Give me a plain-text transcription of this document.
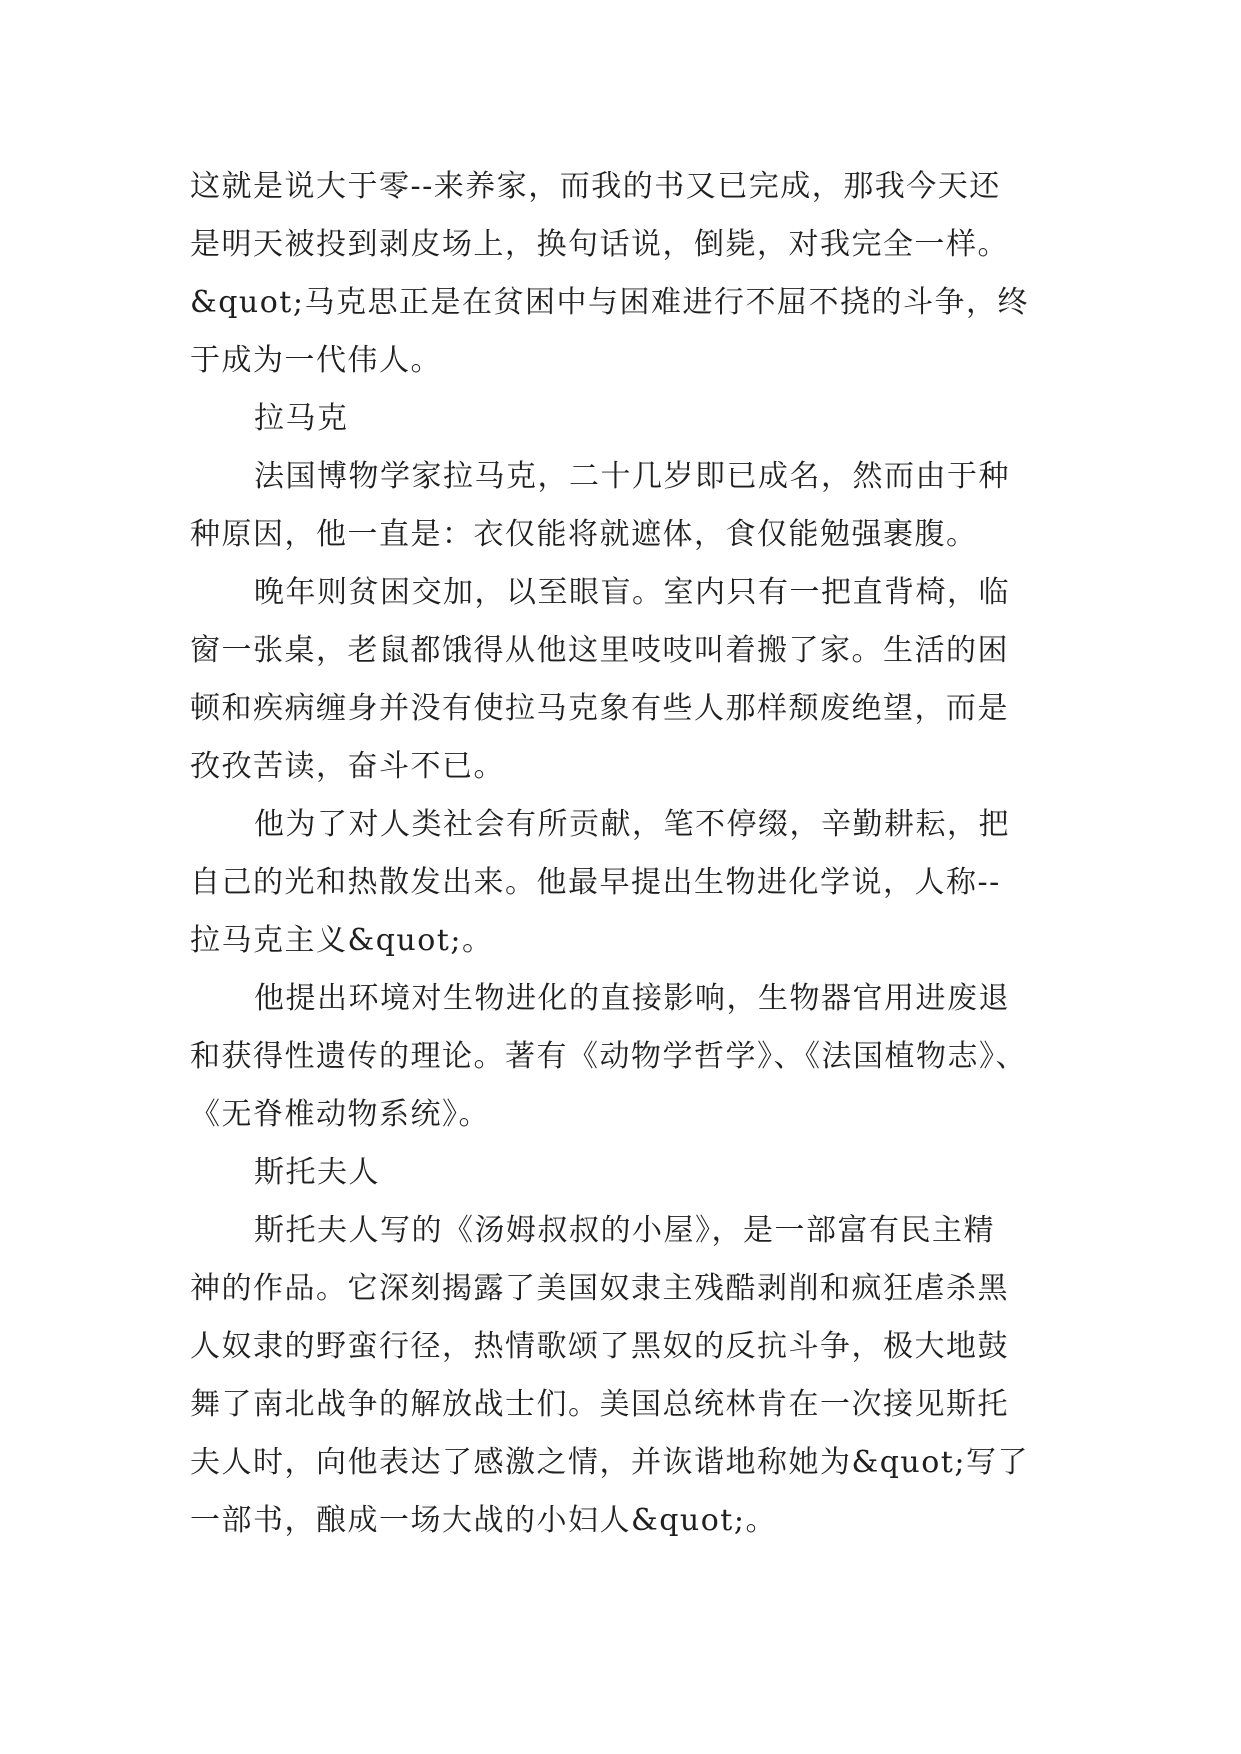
这就是说大于零--来养家，而我的书又已完成，那我今天还
是明天被投到剥皮场上，换句话说，倒毙，对我完全一样。
&quot;马克思正是在贫困中与困难进行不屈不挠的斗争，终
于成为一代伟人。
拉马克
法国博物学家拉马克，二十几岁即已成名，然而由于种
种原因，他一直是：衣仅能将就遮体，食仅能勉强裹腹。
晚年则贫困交加，以至眼盲。室内只有一把直背椅，临
窗一张桌，老鼠都饿得从他这里吱吱叫着搬了家。生活的困
顿和疾病缠身并没有使拉马克象有些人那样颓废绝望，而是
孜孜苦读，奋斗不已。
他为了对人类社会有所贡献，笔不停缀，辛勤耕耘，把
自己的光和热散发出来。他最早提出生物进化学说，人称--
拉马克主义&quot;。
他提出环境对生物进化的直接影响，生物器官用进废退
和获得性遗传的理论。著有《动物学哲学》、《法国植物志》、
《无脊椎动物系统》。
斯托夫人
斯托夫人写的《汤姆叔叔的小屋》，是一部富有民主精
神的作品。它深刻揭露了美国奴隶主残酷剥削和疯狂虐杀黑
人奴隶的野蛮行径，热情歌颂了黑奴的反抗斗争，极大地鼓
舞了南北战争的解放战士们。美国总统林肯在一次接见斯托
夫人时，向他表达了感激之情，并诙谐地称她为&quot;写了
一部书，酿成一场大战的小妇人&quot;。
